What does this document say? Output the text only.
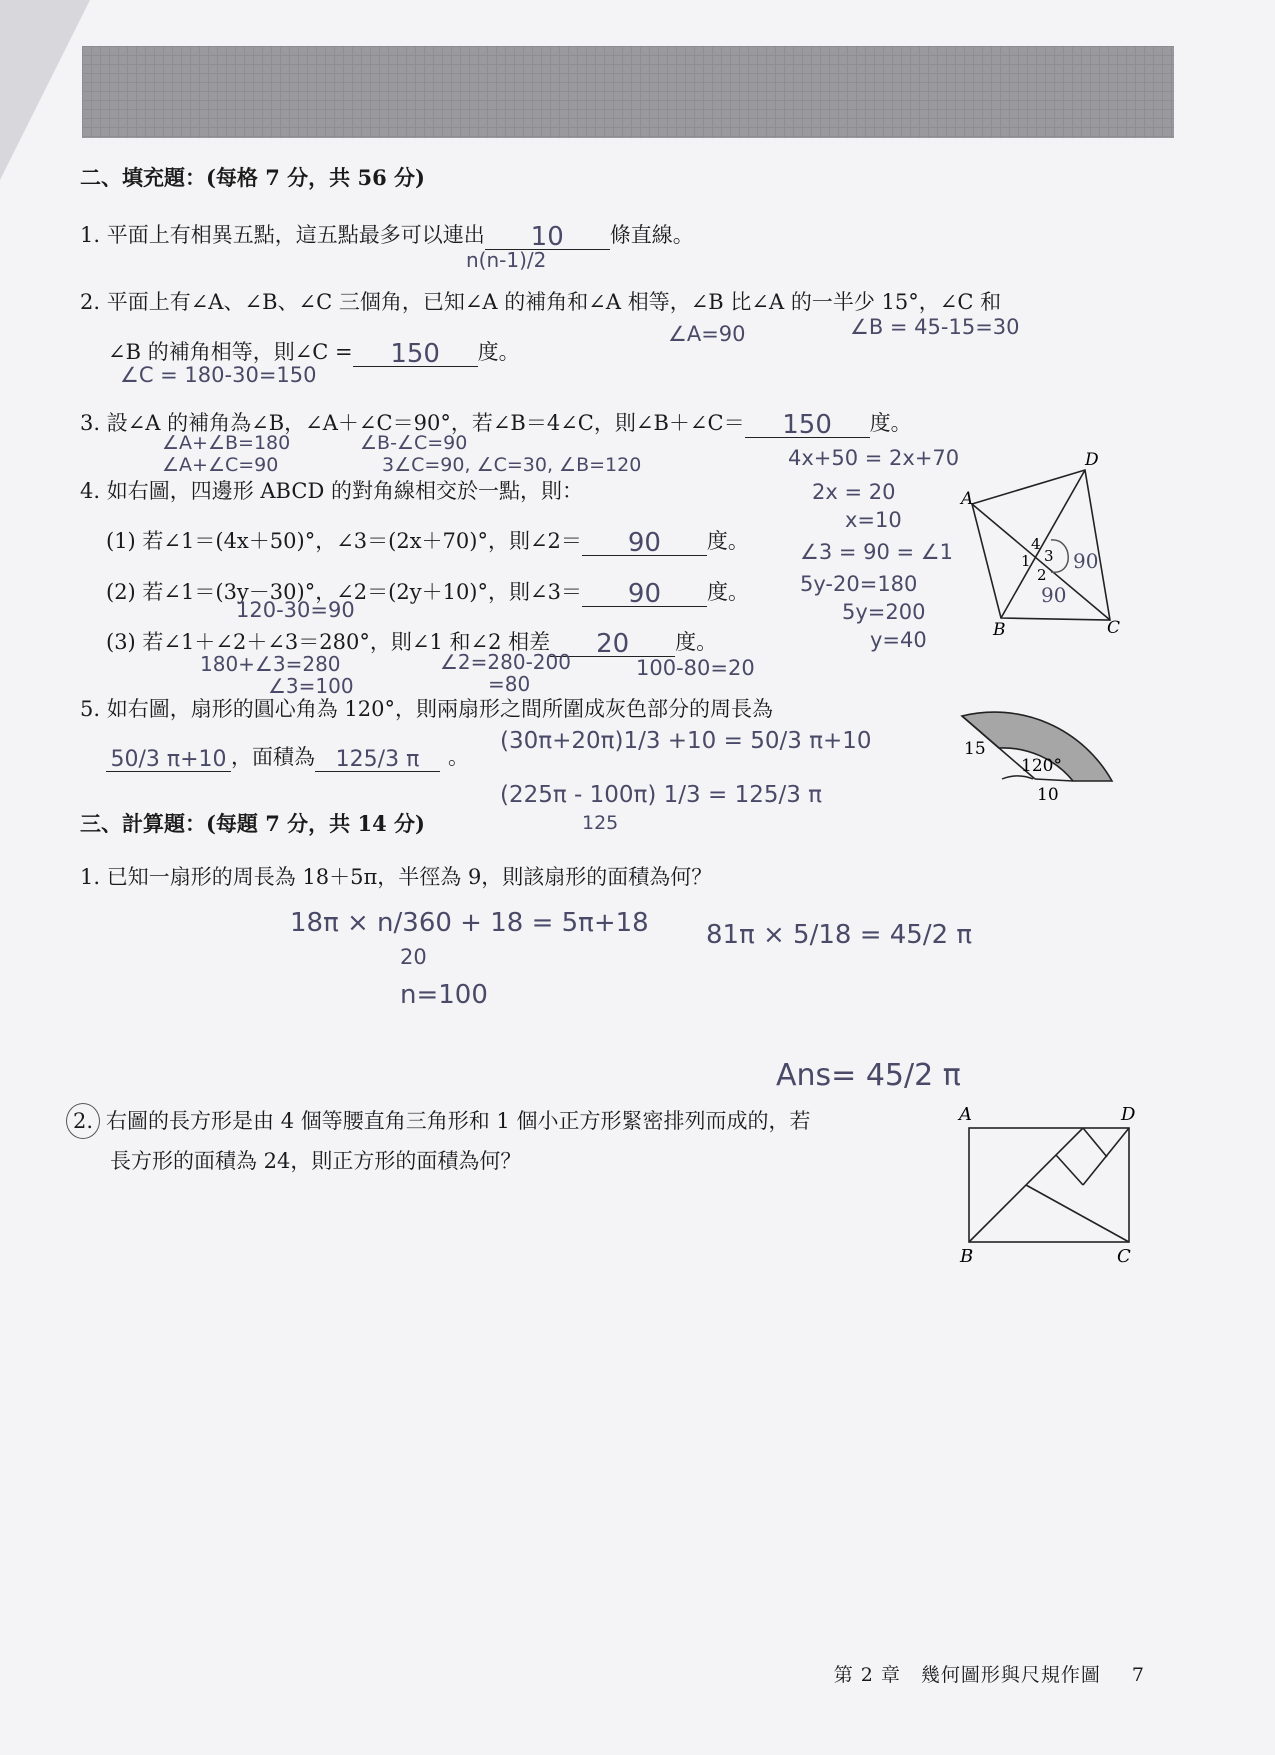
二、填充題：(每格 7 分，共 56 分)
1. 平面上有相異五點，這五點最多可以連出 10 條直線。
n(n-1)/2
2. 平面上有∠A、∠B、∠C 三個角，已知∠A 的補角和∠A 相等，∠B 比∠A 的一半少 15°，∠C 和
∠A=90	∠B = 45-15=30
∠B 的補角相等，則∠C = 150 度。
∠C = 180-30=150
3. 設∠A 的補角為∠B，∠A＋∠C＝90°，若∠B＝4∠C，則∠B＋∠C＝ 150 度。
∠A+∠B=180
∠A+∠C=90
∠B-∠C=90
3∠C=90, ∠C=30, ∠B=120
4. 如右圖，四邊形 ABCD 的對角線相交於一點，則：
(1) 若∠1＝(4x＋50)°，∠3＝(2x＋70)°，則∠2＝ 90 度。
(2) 若∠1＝(3y－30)°，∠2＝(2y＋10)°，則∠3＝ 90 度。
(3) 若∠1＋∠2＋∠3＝280°，則∠1 和∠2 相差 20 度。
4x+50 = 2x+70
2x = 20
x=10
∠3 = 90 = ∠1
5y-20=180
5y=200
y=40
120-30=90
180+∠3=280
∠3=100
∠2=280-200
=80
100-80=20
A
B	C
D
1
2
3
4
90
90
5. 如右圖，扇形的圓心角為 120°，則兩扇形之間所圍成灰色部分的周長為
50/3 π+10 ，面積為 125/3 π 。
(30π+20π)1/3 +10 = 50/3 π+10
(225π - 100π) 1/3 = 125/3 π
125
15
120°
10
三、計算題：(每題 7 分，共 14 分)
1. 已知一扇形的周長為 18＋5π，半徑為 9，則該扇形的面積為何？
18π × n/360 + 18 = 5π+18
20
n=100
81π × 5/18 = 45/2 π
Ans= 45/2 π
2. 右圖的長方形是由 4 個等腰直角三角形和 1 個小正方形緊密排列而成的，若
長方形的面積為 24，則正方形的面積為何？
A
B	C
D
第 2 章　幾何圖形與尺規作圖 7
